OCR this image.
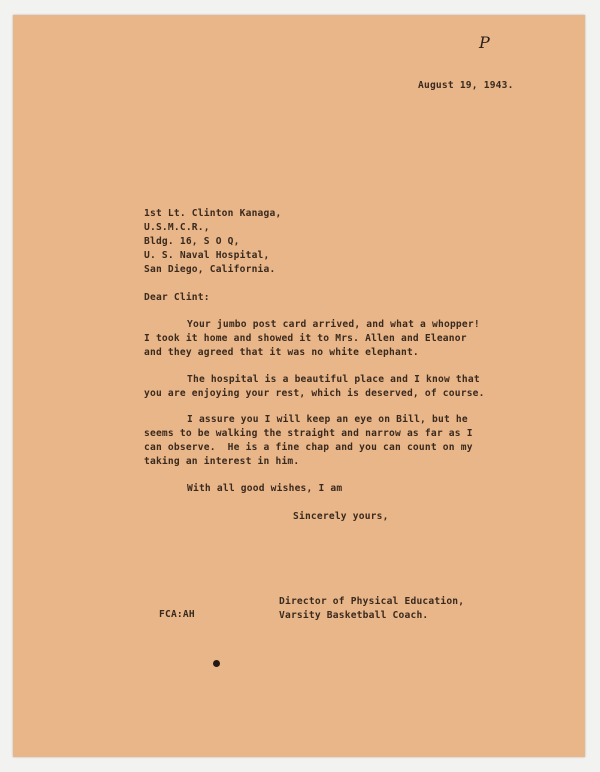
P

August 19, 1943.

1st Lt. Clinton Kanaga,

U.S.M.C.R.,

Bldg. 16, S O Q,

U. S. Naval Hospital,

San Diego, California.

Dear Clint:

Your jumbo post card arrived, and what a whopper!

I took it home and showed it to Mrs. Allen and Eleanor

and they agreed that it was no white elephant.

The hospital is a beautiful place and I know that

you are enjoying your rest, which is deserved, of course.

I assure you I will keep an eye on Bill, but he

seems to be walking the straight and narrow as far as I

can observe.  He is a fine chap and you can count on my

taking an interest in him.

With all good wishes, I am

Sincerely yours,

Director of Physical Education,

Varsity Basketball Coach.

FCA:AH
